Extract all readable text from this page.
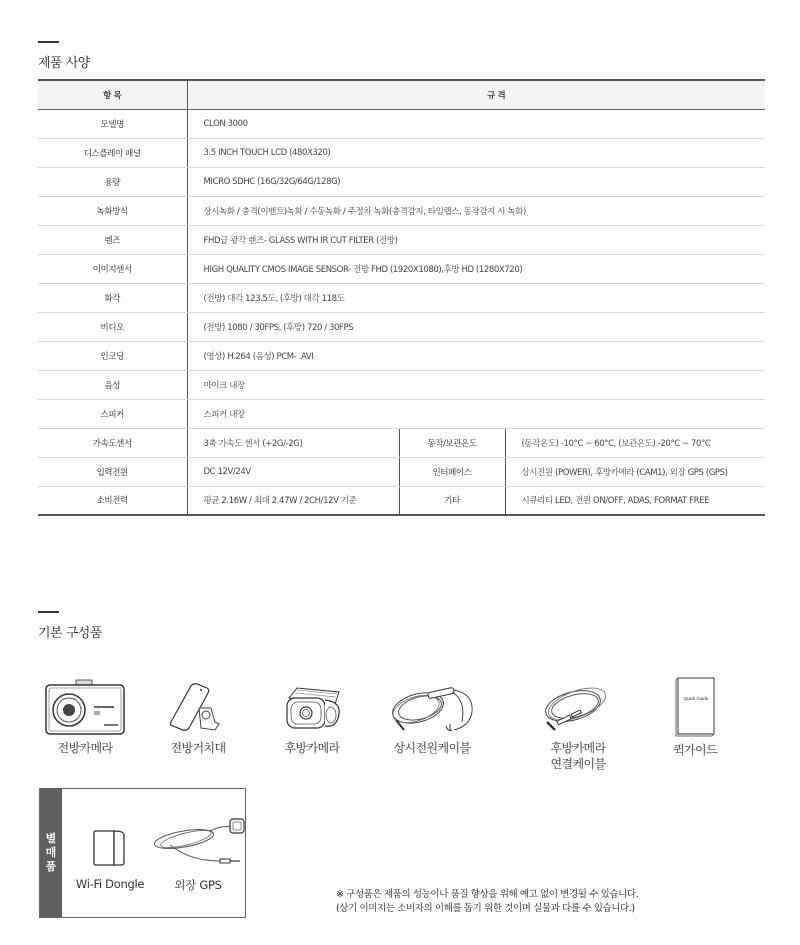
제품 사양
항 목	규 격		
모델명	CLON 3000		
디스플레이 패널	3.5 INCH TOUCH LCD (480X320)		
용량	MICRO SDHC (16G/32G/64G/128G)		
녹화방식	상시녹화 / 충격(이벤트)녹화 / 수동녹화 / 주정차 녹화(충격감지, 타임랩스, 동작감지 시 녹화)		
렌즈	FHD급 광각 렌즈- GLASS WITH IR CUT FILTER (전방)		
이미지센서	HIGH QUALITY CMOS IMAGE SENSOR- 전방 FHD (1920X1080),후방 HD (1280X720)		
화각	(전방) 대각 123.5도, (후방) 대각 118도		
비디오	(전방) 1080 / 30FPS, (후방) 720 / 30FPS		
인코딩	(영상) H.264 (음성) PCM- .AVI		
음성	마이크 내장		
스피커	스피커 내장		
가속도센서	3축 가속도 센서 (+2G/-2G)	동작/보관온도	(동작온도) -10°C ~ 60°C, (보관온도) -20°C ~ 70°C
입력전원	DC 12V/24V	인터페이스	상시전원 (POWER), 후방카메라 (CAM1), 외장 GPS (GPS)
소비전력	평균 2.16W / 최대 2.47W / 2CH/12V 기준	기타	시큐리티 LED, 전원 ON/OFF, ADAS, FORMAT FREE
기본 구성품
전방카메라	전방거치대	후방카메라	상시전원케이블	후방카메라
연결케이블
Quick Guide
퀵가이드
별
매
품
Wi-Fi Dongle	외장 GPS
※ 구성품은 제품의 성능이나 품질 향상을 위해 예고 없이 변경될 수 있습니다.
(상기 이미지는 소비자의 이해를 돕기 위한 것이며 실물과 다를 수 있습니다.)
